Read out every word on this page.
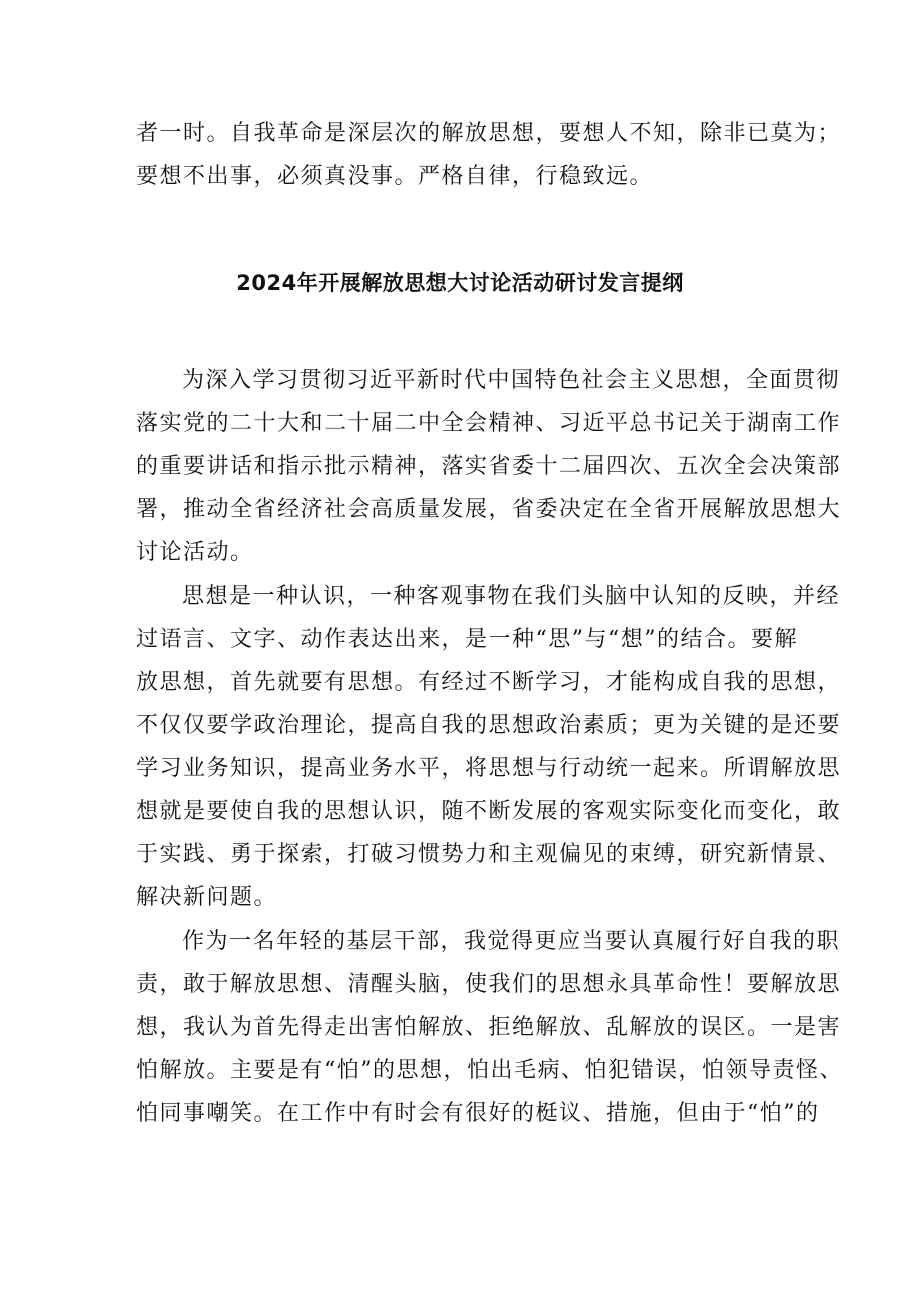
者一时。自我革命是深层次的解放思想，要想人不知，除非已莫为；
要想不出事，必须真没事。严格自律，行稳致远。
2024年开展解放思想大讨论活动研讨发言提纲
为深入学习贯彻习近平新时代中国特色社会主义思想，全面贯彻
落实党的二十大和二十届二中全会精神、习近平总书记关于湖南工作
的重要讲话和指示批示精神，落实省委十二届四次、五次全会决策部
署，推动全省经济社会高质量发展，省委决定在全省开展解放思想大
讨论活动。
思想是一种认识，一种客观事物在我们头脑中认知的反映，并经
过语言、文字、动作表达出来，是一种“思”与“想”的结合。要解
放思想，首先就要有思想。有经过不断学习，才能构成自我的思想，
不仅仅要学政治理论，提高自我的思想政治素质；更为关键的是还要
学习业务知识，提高业务水平，将思想与行动统一起来。所谓解放思
想就是要使自我的思想认识，随不断发展的客观实际变化而变化，敢
于实践、勇于探索，打破习惯势力和主观偏见的束缚，研究新情景、
解决新问题。
作为一名年轻的基层干部，我觉得更应当要认真履行好自我的职
责，敢于解放思想、清醒头脑，使我们的思想永具革命性！要解放思
想，我认为首先得走出害怕解放、拒绝解放、乱解放的误区。一是害
怕解放。主要是有“怕”的思想，怕出毛病、怕犯错误，怕领导责怪、
怕同事嘲笑。在工作中有时会有很好的梃议、措施，但由于“怕”的
